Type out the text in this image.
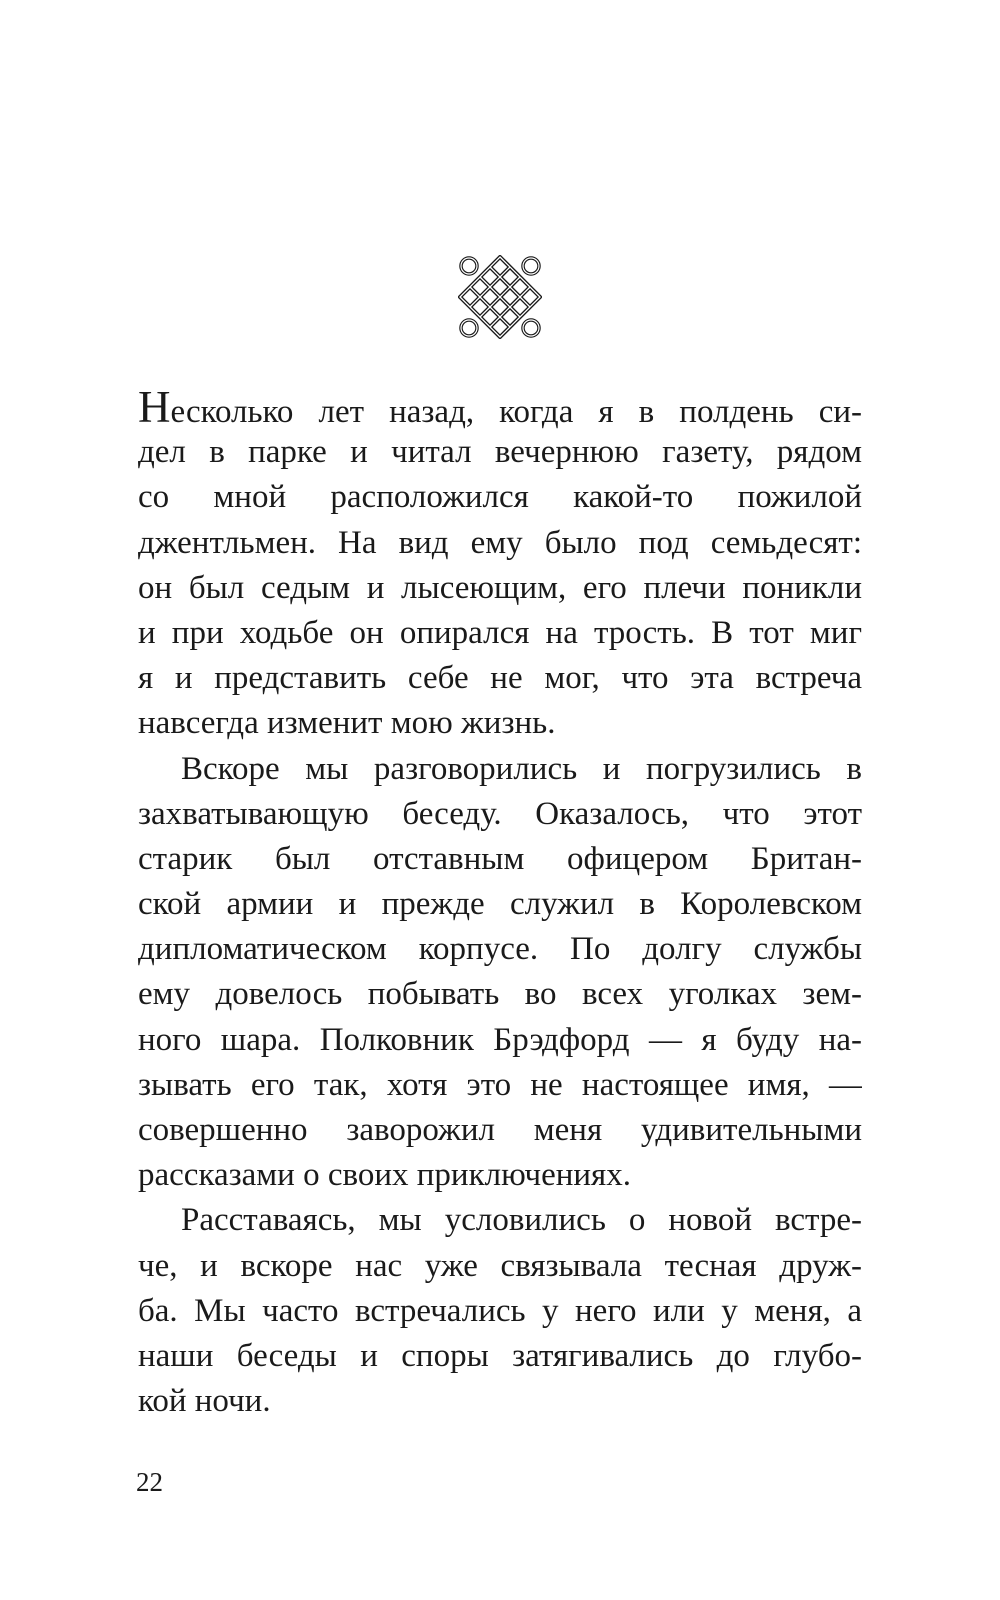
Несколько лет назад, когда я в полдень си-
дел в парке и читал вечернюю газету, рядом
со мной расположился какой-то пожилой
джентльмен. На вид ему было под семьдесят:
он был седым и лысеющим, его плечи поникли
и при ходьбе он опирался на трость. В тот миг
я и представить себе не мог, что эта встреча
навсегда изменит мою жизнь.
Вскоре мы разговорились и погрузились в
захватывающую беседу. Оказалось, что этот
старик был отставным офицером Британ-
ской армии и прежде служил в Королевском
дипломатическом корпусе. По долгу службы
ему довелось побывать во всех уголках зем-
ного шара. Полковник Брэдфорд — я буду на-
зывать его так, хотя это не настоящее имя, —
совершенно заворожил меня удивительными
рассказами о своих приключениях.
Расставаясь, мы условились о новой встре-
че, и вскоре нас уже связывала тесная друж-
ба. Мы часто встречались у него или у меня, а
наши беседы и споры затягивались до глубо-
кой ночи.
22
